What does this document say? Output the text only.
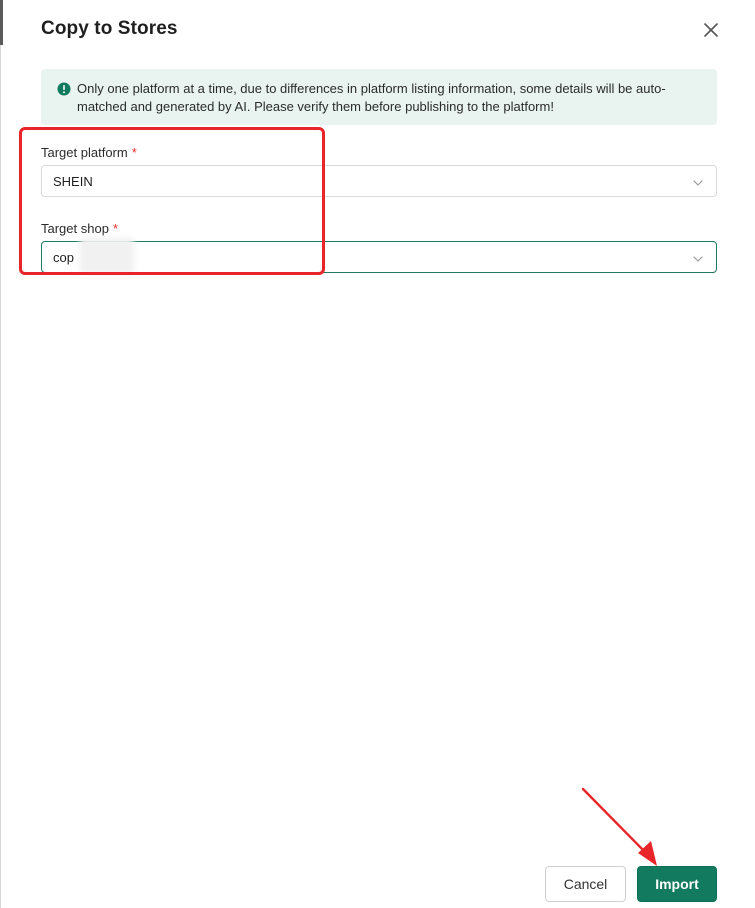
Copy to Stores
Only one platform at a time, due to differences in platform listing information, some details will be auto-matched and generated by AI. Please verify them before publishing to the platform!
Target platform *
SHEIN
Target shop *
cop
Cancel	Import
